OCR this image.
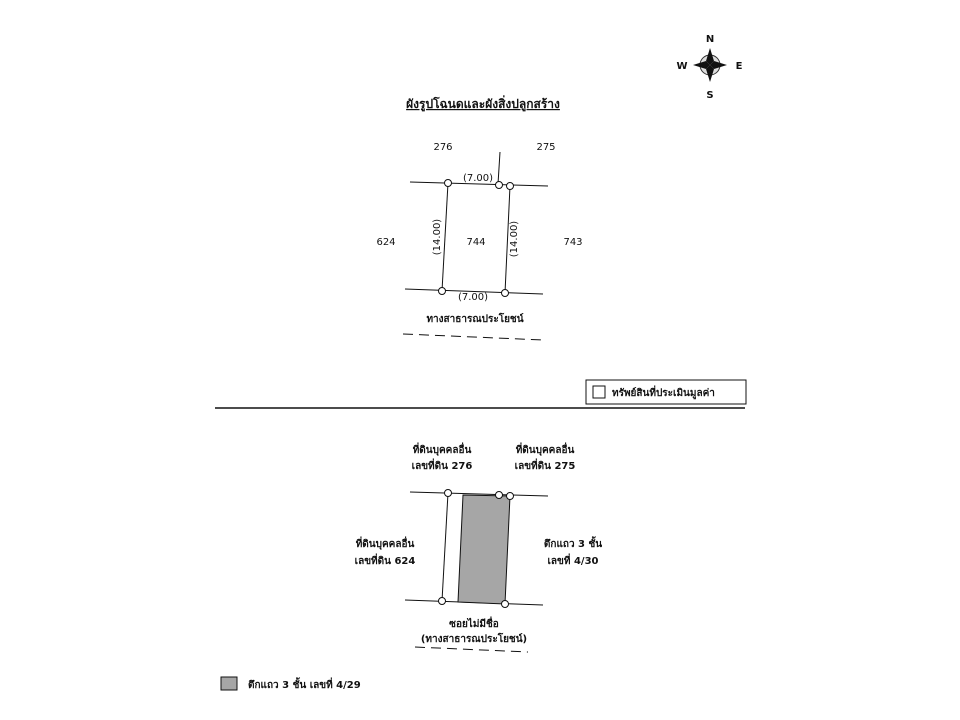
N
S
W	E
ผังรูปโฉนดและผังสิ่งปลูกสร้าง
276	275
624	743
744
(7.00)
(7.00)
(14.00)	(14.00)
ทางสาธารณประโยชน์
ทรัพย์สินที่ประเมินมูลค่า
ที่ดินบุคคลอื่น
เลขที่ดิน 276
ที่ดินบุคคลอื่น
เลขที่ดิน 275
ที่ดินบุคคลอื่น
เลขที่ดิน 624
ตึกแถว 3 ชั้น
เลขที่ 4/30
ซอยไม่มีชื่อ
(ทางสาธารณประโยชน์)
ตึกแถว 3 ชั้น เลขที่ 4/29
